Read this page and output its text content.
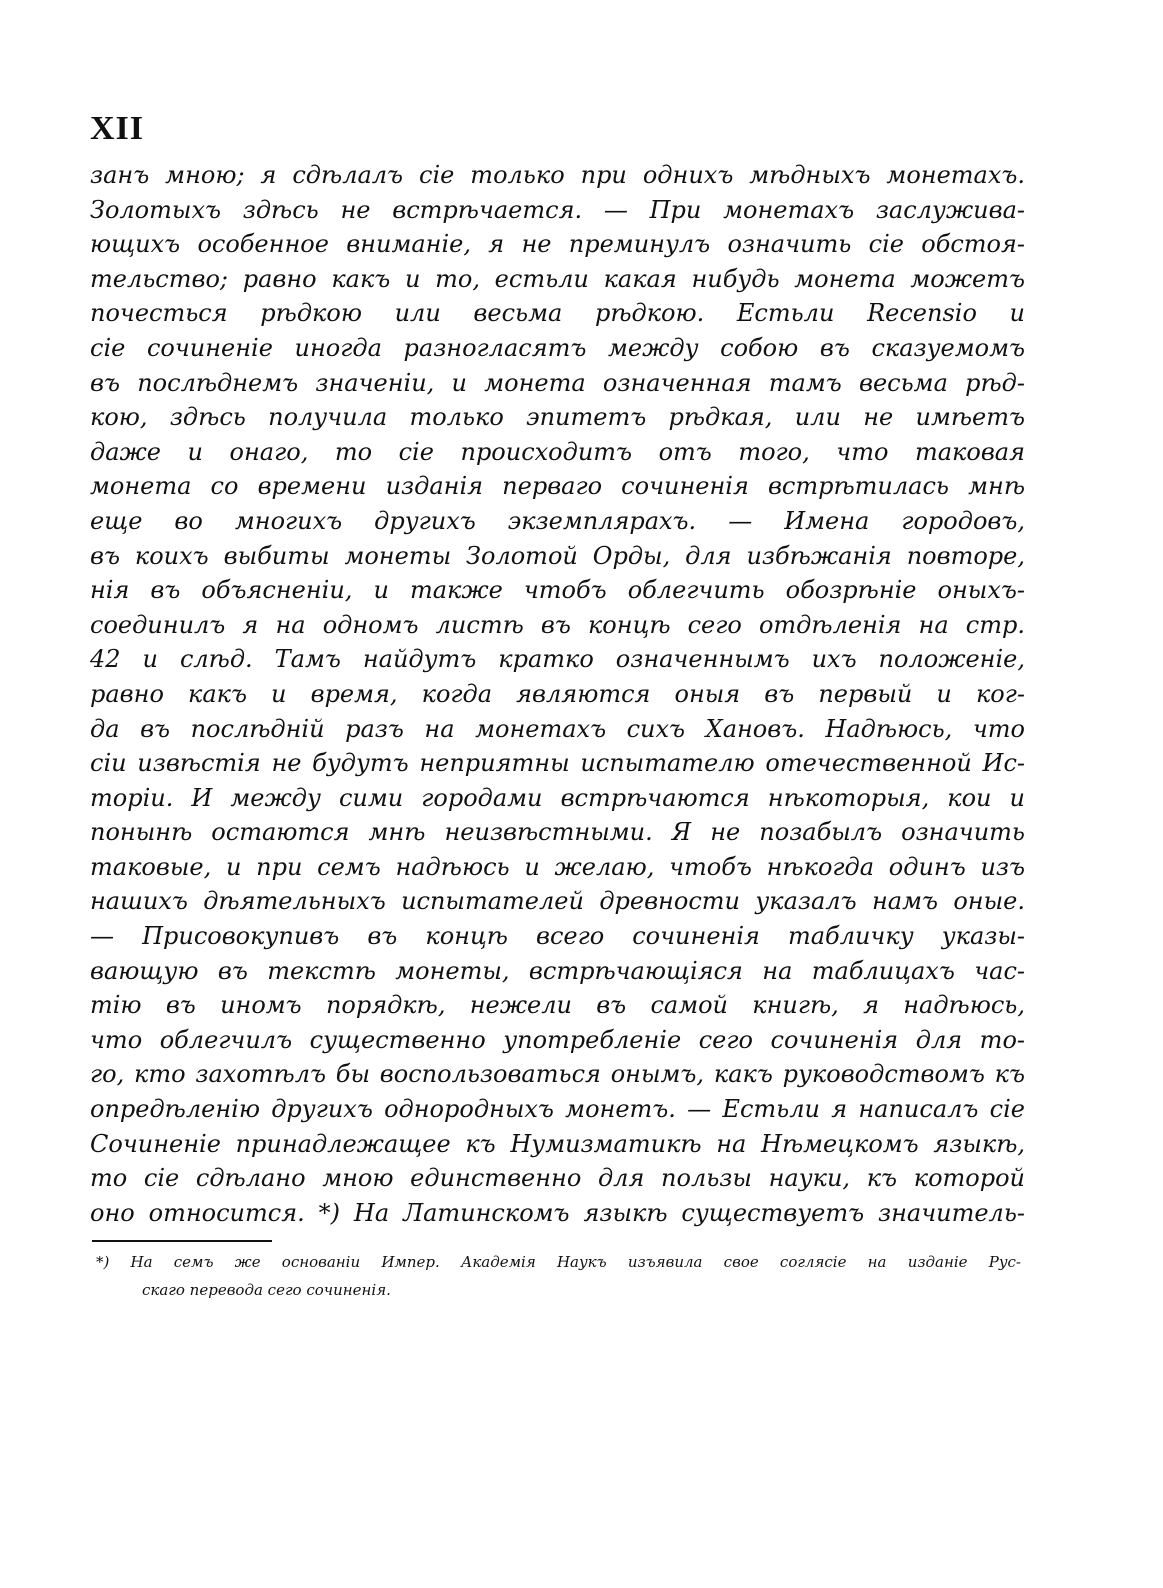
XII
занъ мною; я сдѣлалъ сіе только при однихъ мѣдныхъ монетахъ.
Золотыхъ здѣсь не встрѣчается. — При монетахъ заслужива-
ющихъ особенное вниманіе, я не преминулъ означить сіе обстоя-
тельство; равно какъ и то, естьли какая нибудь монета можетъ
почесться рѣдкою или весьма рѣдкою. Естьли Recensio и
сіе сочиненіе иногда разногласятъ между собою въ сказуемомъ
въ послѣднемъ значеніи, и монета означенная тамъ весьма рѣд-
кою, здѣсь получила только эпитетъ рѣдкая, или не имѣетъ
даже и онаго, то сіе происходитъ отъ того, что таковая
монета со времени изданія перваго сочиненія встрѣтилась мнѣ
еще во многихъ другихъ экземплярахъ. — Имена городовъ,
въ коихъ выбиты монеты Золотой Орды, для избѣжанія повторе,
нія въ объясненіи, и также чтобъ облегчить обозрѣніе оныхъ-
соединилъ я на одномъ листѣ въ концѣ сего отдѣленія на стр.
42 и слѣд. Тамъ найдутъ кратко означеннымъ ихъ положеніе,
равно какъ и время, когда являются оныя въ первый и ког-
да въ послѣдній разъ на монетахъ сихъ Хановъ. Надѣюсь, что
сіи извѣстія не будутъ неприятны испытателю отечественной Ис-
торіи. И между сими городами встрѣчаются нѣкоторыя, кои и
понынѣ остаются мнѣ неизвѣстными. Я не позабылъ означить
таковые, и при семъ надѣюсь и желаю, чтобъ нѣкогда одинъ изъ
нашихъ дѣятельныхъ испытателей древности указалъ намъ оные.
— Присовокупивъ въ концѣ всего сочиненія табличку указы-
вающую въ текстѣ монеты, встрѣчающіяся на таблицахъ час-
тію въ иномъ порядкѣ, нежели въ самой книгѣ, я надѣюсь,
что облегчилъ существенно употребленіе сего сочиненія для то-
го, кто захотѣлъ бы воспользоваться онымъ, какъ руководствомъ къ
опредѣленію другихъ однородныхъ монетъ. — Естьли я написалъ сіе
Сочиненіе принадлежащее къ Нумизматикѣ на Нѣмецкомъ языкѣ,
то сіе сдѣлано мною единственно для пользы науки, къ которой
оно относится. *) На Латинскомъ языкѣ существуетъ значитель-
*) На семъ же основаніи Импер. Академія Наукъ изъявила свое соглясіе на изданіе Рус-
скаго перевода сего сочиненія.
